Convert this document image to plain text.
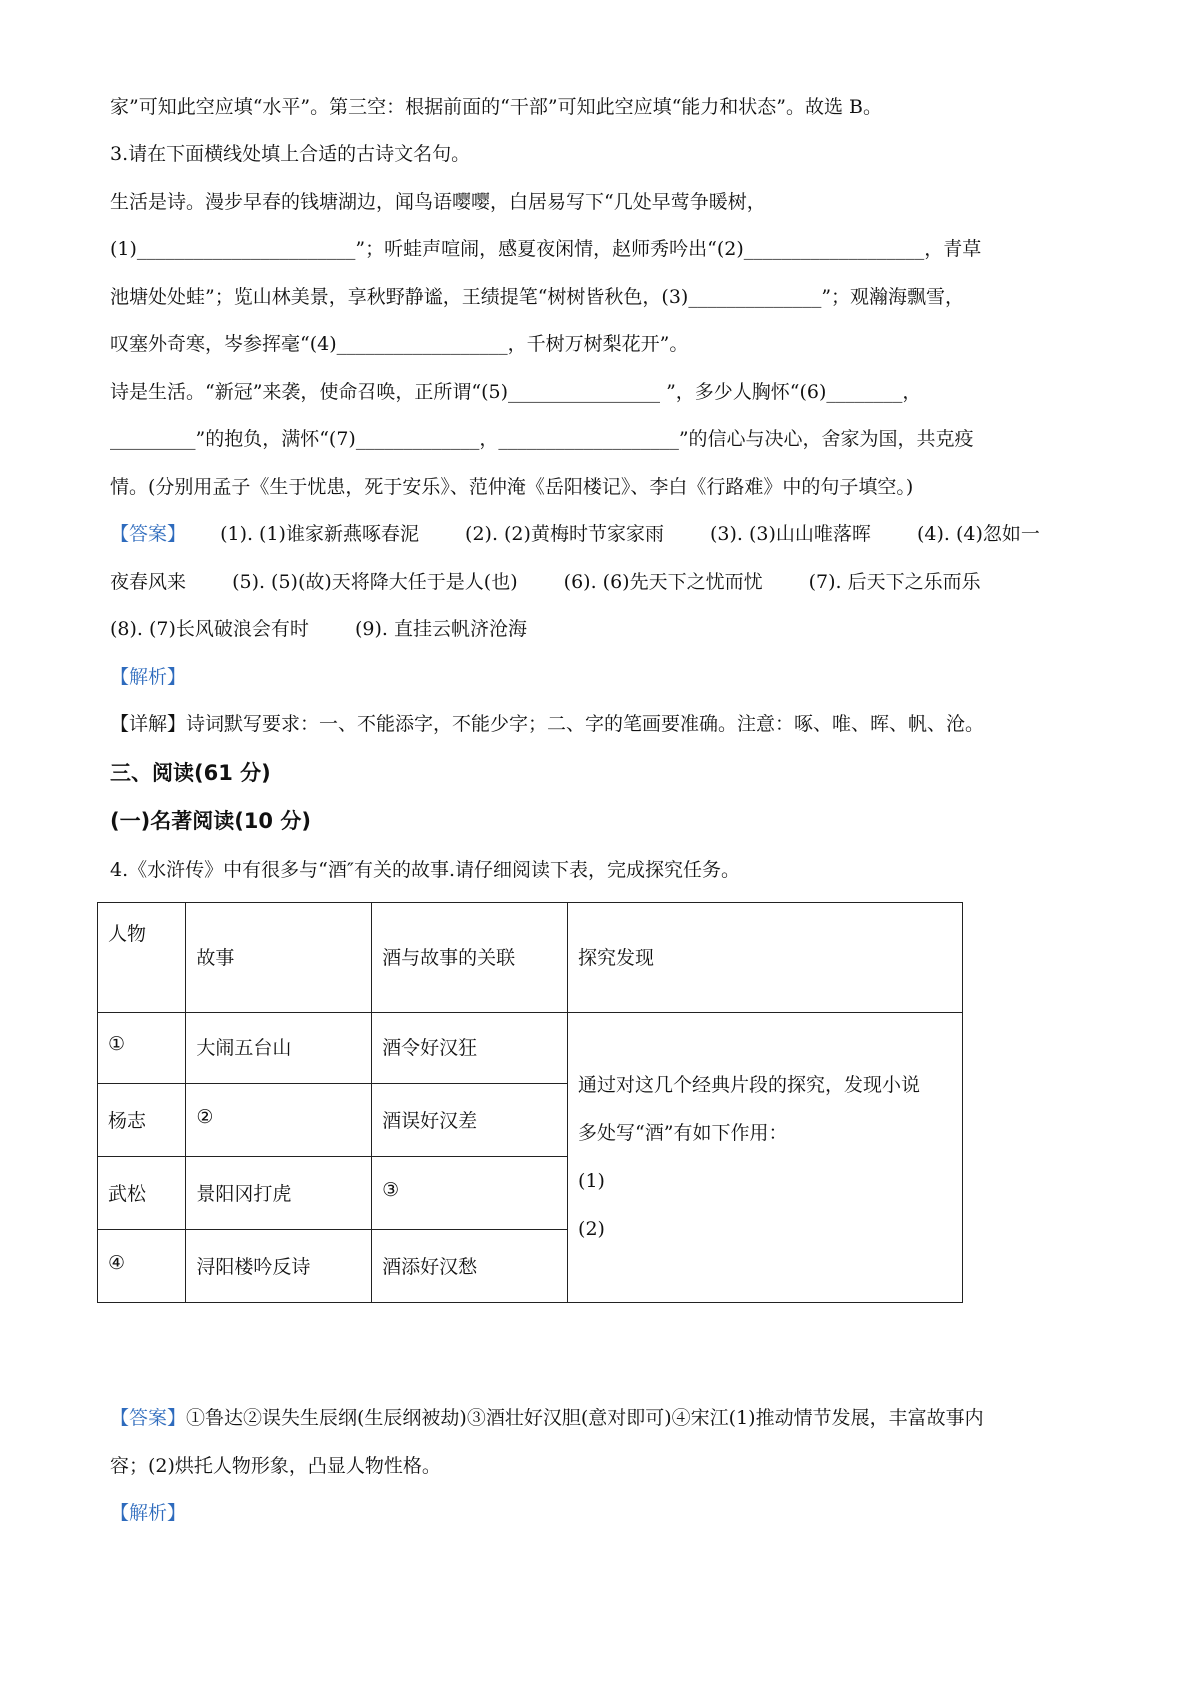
家”可知此空应填“水平”。第三空：根据前面的“干部”可知此空应填“能力和状态”。故选 B。
3.请在下面横线处填上合适的古诗文名句。
生活是诗。漫步早春的钱塘湖边，闻鸟语嘤嘤，白居易写下“几处早莺争暖树，
(1)_______________________”；听蛙声喧闹，感夏夜闲情，赵师秀吟出“(2)___________________，青草
池塘处处蛙”；览山林美景，享秋野静谧，王绩提笔“树树皆秋色，(3)______________”；观瀚海飘雪，
叹塞外奇寒，岑参挥毫“(4)__________________，千树万树梨花开”。
诗是生活。“新冠”来袭，使命召唤，正所谓“(5)________________ ”，多少人胸怀“(6)________，
_________”的抱负，满怀“(7)_____________，___________________”的信心与决心，舍家为国，共克疫
情。(分别用孟子《生于忧患，死于安乐》、范仲淹《岳阳楼记》、李白《行路难》中的句子填空。)
【答案】 (1). (1)谁家新燕啄春泥 (2). (2)黄梅时节家家雨 (3). (3)山山唯落晖 (4). (4)忽如一
夜春风来 (5). (5)(故)天将降大任于是人(也) (6). (6)先天下之忧而忧 (7). 后天下之乐而乐
(8). (7)长风破浪会有时 (9). 直挂云帆济沧海
【解析】
【详解】诗词默写要求：一、不能添字，不能少字；二、字的笔画要准确。注意：啄、唯、晖、帆、沧。
三、阅读(61 分)
(一)名著阅读(10 分)
4.《水浒传》中有很多与“酒″有关的故事.请仔细阅读下表，完成探究任务。
人物	故事	酒与故事的关联	探究发现

①	大闹五台山	酒令好汉狂	通过对这几个经典片段的探究，发现小说
多处写“酒”有如下作用：
(1)
(2)

杨志	②	酒误好汉差	

武松	景阳冈打虎	③	

④	浔阳楼吟反诗	酒添好汉愁	
【答案】①鲁达②误失生辰纲(生辰纲被劫)③酒壮好汉胆(意对即可)④宋江(1)推动情节发展，丰富故事内
容；(2)烘托人物形象，凸显人物性格。
【解析】
